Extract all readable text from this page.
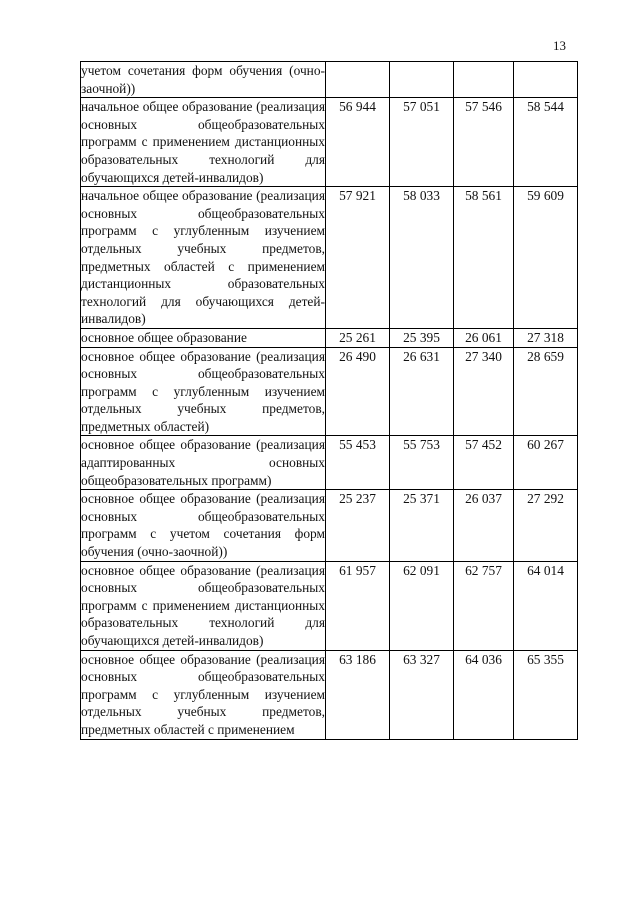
13
учетом сочетания форм обучения (очно-заочной))				
начальное общее образование (реализация основных общеобразовательных программ с применением дистанционных образовательных технологий для обучающихся детей-инвалидов)	56 944	57 051	57 546	58 544
начальное общее образование (реализация основных общеобразовательных программ с углубленным изучением отдельных учебных предметов, предметных областей с применением дистанционных образовательных технологий для обучающихся детей-инвалидов)	57 921	58 033	58 561	59 609
основное общее образование	25 261	25 395	26 061	27 318
основное общее образование (реализация основных общеобразовательных программ с углубленным изучением отдельных учебных предметов, предметных областей)	26 490	26 631	27 340	28 659
основное общее образование (реализация адаптированных основных общеобразовательных программ)	55 453	55 753	57 452	60 267
основное общее образование (реализация основных общеобразовательных программ с учетом сочетания форм обучения (очно-заочной))	25 237	25 371	26 037	27 292
основное общее образование (реализация основных общеобразовательных программ с применением дистанционных образовательных технологий для обучающихся детей-инвалидов)	61 957	62 091	62 757	64 014
основное общее образование (реализация основных общеобразовательных программ с углубленным изучением отдельных учебных предметов, предметных областей с применением	63 186	63 327	64 036	65 355
